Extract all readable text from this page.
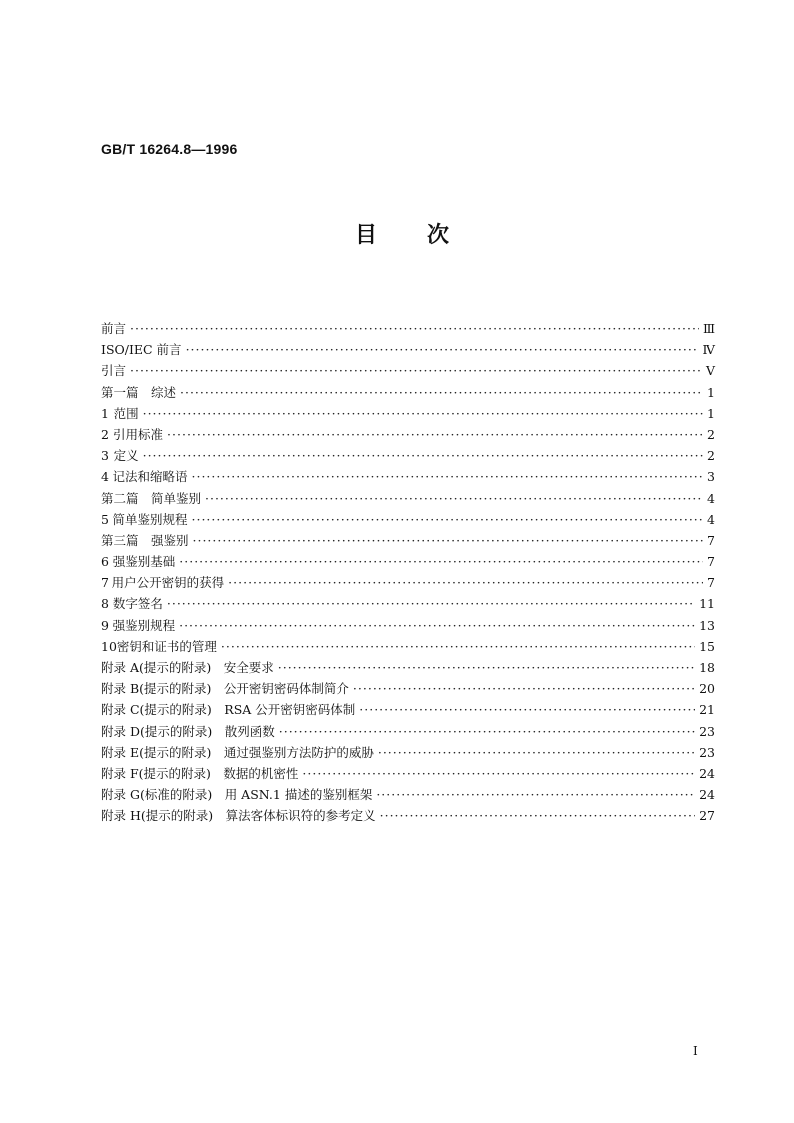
GB/T 16264.8—1996
目次
前言 ·····	Ⅲ
ISO/IEC 前言 ·····	Ⅳ
引言 ·····	Ⅴ
第一篇　综述 ·····	1
1 范围 ·····	1
2 引用标准 ·····	2
3 定义 ·····	2
4 记法和缩略语 ·····	3
第二篇　简单鉴别 ·····	4
5 简单鉴别规程 ·····	4
第三篇　强鉴别 ·····	7
6 强鉴别基础 ·····	7
7 用户公开密钥的获得 ·····	7
8 数字签名 ·····	11
9 强鉴别规程 ·····	13
10 密钥和证书的管理 ·····	15
附录 A(提示的附录)　安全要求 ·····	18
附录 B(提示的附录)　公开密钥密码体制简介 ·····	20
附录 C(提示的附录)　RSA 公开密钥密码体制 ·····	21
附录 D(提示的附录)　散列函数 ·····	23
附录 E(提示的附录)　通过强鉴别方法防护的威胁 ·····	23
附录 F(提示的附录)　数据的机密性 ·····	24
附录 G(标准的附录)　用 ASN.1 描述的鉴别框架 ·····	24
附录 H(提示的附录)　算法客体标识符的参考定义 ·····	27
I
